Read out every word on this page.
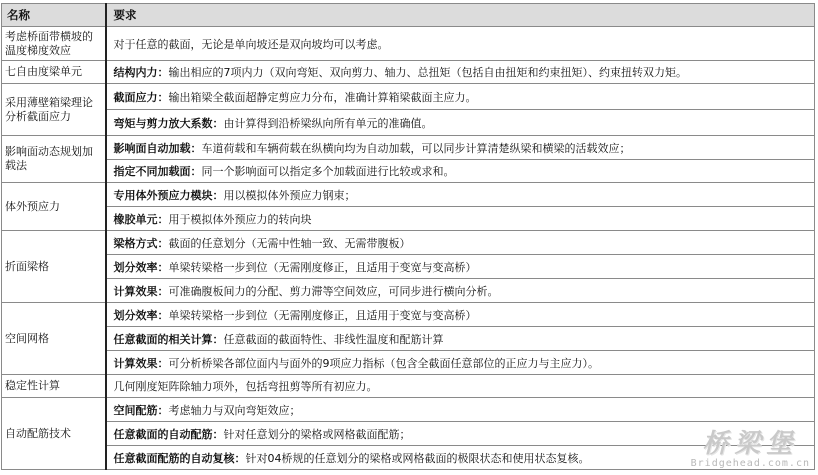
名称	要求
考虑桥面带横坡的温度梯度效应	对于任意的截面，无论是单向坡还是双向坡均可以考虑。
七自由度梁单元	结构内力：输出相应的7项内力（双向弯矩、双向剪力、轴力、总扭矩（包括自由扭矩和约束扭矩）、约束扭转双力矩。
采用薄壁箱梁理论分析截面应力	截面应力：输出箱梁全截面超静定剪应力分布，准确计算箱梁截面主应力。
	弯矩与剪力放大系数：由计算得到沿桥梁纵向所有单元的准确值。
影响面动态规划加载法	影响面自动加载：车道荷载和车辆荷载在纵横向均为自动加载，可以同步计算清楚纵梁和横梁的活载效应；
	指定不同加载面：同一个影响面可以指定多个加载面进行比较或求和。
体外预应力	专用体外预应力模块：用以模拟体外预应力钢束；
	橡胶单元：用于模拟体外预应力的转向块
折面梁格	梁格方式：截面的任意划分（无需中性轴一致、无需带腹板）
	划分效率：单梁转梁格一步到位（无需刚度修正，且适用于变宽与变高桥）
	计算效果：可准确腹板间力的分配、剪力滞等空间效应，可同步进行横向分析。
空间网格	划分效率：单梁转梁格一步到位（无需刚度修正，且适用于变宽与变高桥）
	任意截面的相关计算：任意截面的截面特性、非线性温度和配筋计算
	计算效果：可分析桥梁各部位面内与面外的9项应力指标（包含全截面任意部位的正应力与主应力）。
稳定性计算	几何刚度矩阵除轴力项外，包括弯扭剪等所有初应力。
自动配筋技术	空间配筋：考虑轴力与双向弯矩效应；
	任意截面的自动配筋：针对任意划分的梁格或网格截面配筋；
	任意截面配筋的自动复核：针对04桥规的任意划分的梁格或网格截面的极限状态和使用状态复核。	桥梁堡
Bridgehead.com.cn
